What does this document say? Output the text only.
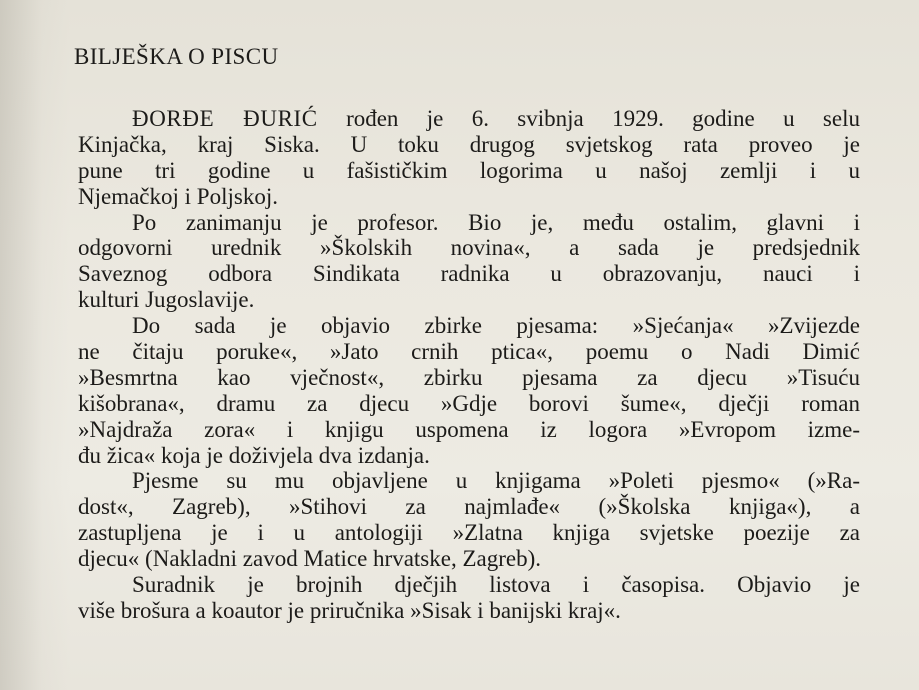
BILJEŠKA O PISCU
ĐORĐE ĐURIĆ rođen je 6. svibnja 1929. godine u selu
Kinjačka, kraj Siska. U toku drugog svjetskog rata proveo je
pune tri godine u fašističkim logorima u našoj zemlji i u
Njemačkoj i Poljskoj.
Po zanimanju je profesor. Bio je, među ostalim, glavni i
odgovorni urednik »Školskih novina«, a sada je predsjednik
Saveznog odbora Sindikata radnika u obrazovanju, nauci i
kulturi Jugoslavije.
Do sada je objavio zbirke pjesama: »Sjećanja« »Zvijezde
ne čitaju poruke«, »Jato crnih ptica«, poemu o Nadi Dimić
»Besmrtna kao vječnost«, zbirku pjesama za djecu »Tisuću
kišobrana«, dramu za djecu »Gdje borovi šume«, dječji roman
»Najdraža zora« i knjigu uspomena iz logora »Evropom izme-
đu žica« koja je doživjela dva izdanja.
Pjesme su mu objavljene u knjigama »Poleti pjesmo« (»Ra-
dost«, Zagreb), »Stihovi za najmlađe« (»Školska knjiga«), a
zastupljena je i u antologiji »Zlatna knjiga svjetske poezije za
djecu« (Nakladni zavod Matice hrvatske, Zagreb).
Suradnik je brojnih dječjih listova i časopisa. Objavio je
više brošura a koautor je priručnika »Sisak i banijski kraj«.
